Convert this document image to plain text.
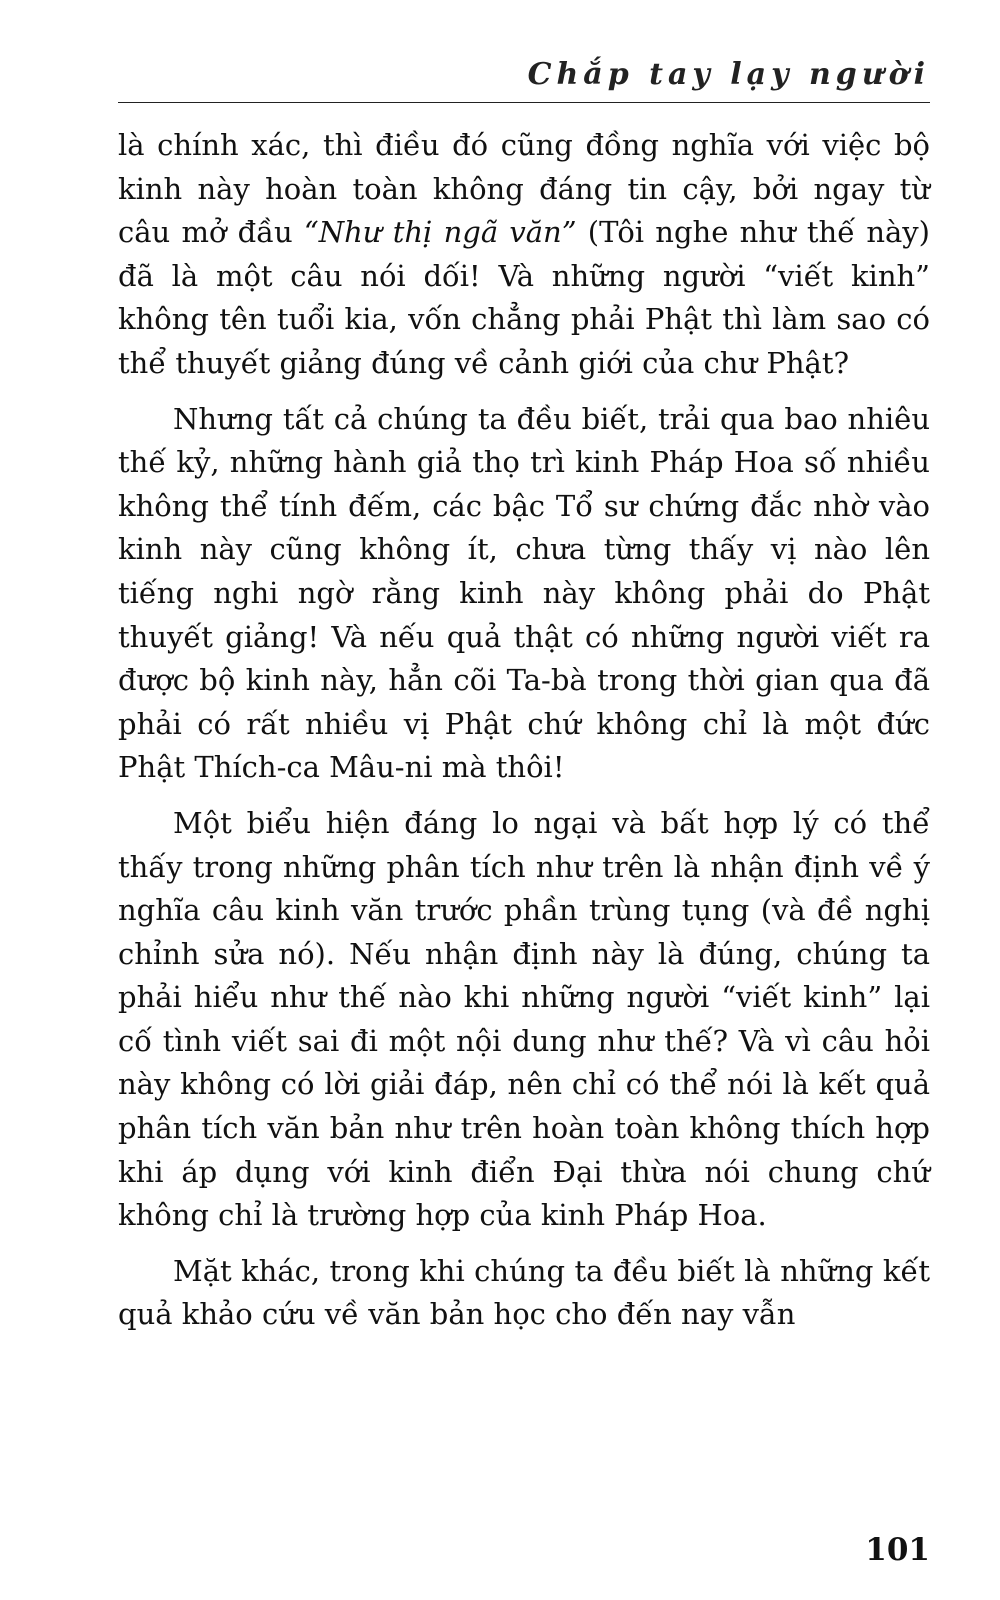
Chắp tay lạy người

là chính xác, thì điều đó cũng đồng nghĩa với việc bộ kinh này hoàn toàn không đáng tin cậy, bởi ngay từ câu mở đầu “Như thị ngã văn” (Tôi nghe như thế này) đã là một câu nói dối! Và những người “viết kinh” không tên tuổi kia, vốn chẳng phải Phật thì làm sao có thể thuyết giảng đúng về cảnh giới của chư Phật?

Nhưng tất cả chúng ta đều biết, trải qua bao nhiêu thế kỷ, những hành giả thọ trì kinh Pháp Hoa số nhiều không thể tính đếm, các bậc Tổ sư chứng đắc nhờ vào kinh này cũng không ít, chưa từng thấy vị nào lên tiếng nghi ngờ rằng kinh này không phải do Phật thuyết giảng! Và nếu quả thật có những người viết ra được bộ kinh này, hẳn cõi Ta-bà trong thời gian qua đã phải có rất nhiều vị Phật chứ không chỉ là một đức Phật Thích-ca Mâu-ni mà thôi!

Một biểu hiện đáng lo ngại và bất hợp lý có thể thấy trong những phân tích như trên là nhận định về ý nghĩa câu kinh văn trước phần trùng tụng (và đề nghị chỉnh sửa nó). Nếu nhận định này là đúng, chúng ta phải hiểu như thế nào khi những người “viết kinh” lại cố tình viết sai đi một nội dung như thế? Và vì câu hỏi này không có lời giải đáp, nên chỉ có thể nói là kết quả phân tích văn bản như trên hoàn toàn không thích hợp khi áp dụng với kinh điển Đại thừa nói chung chứ không chỉ là trường hợp của kinh Pháp Hoa.

Mặt khác, trong khi chúng ta đều biết là những kết quả khảo cứu về văn bản học cho đến nay vẫn

101
